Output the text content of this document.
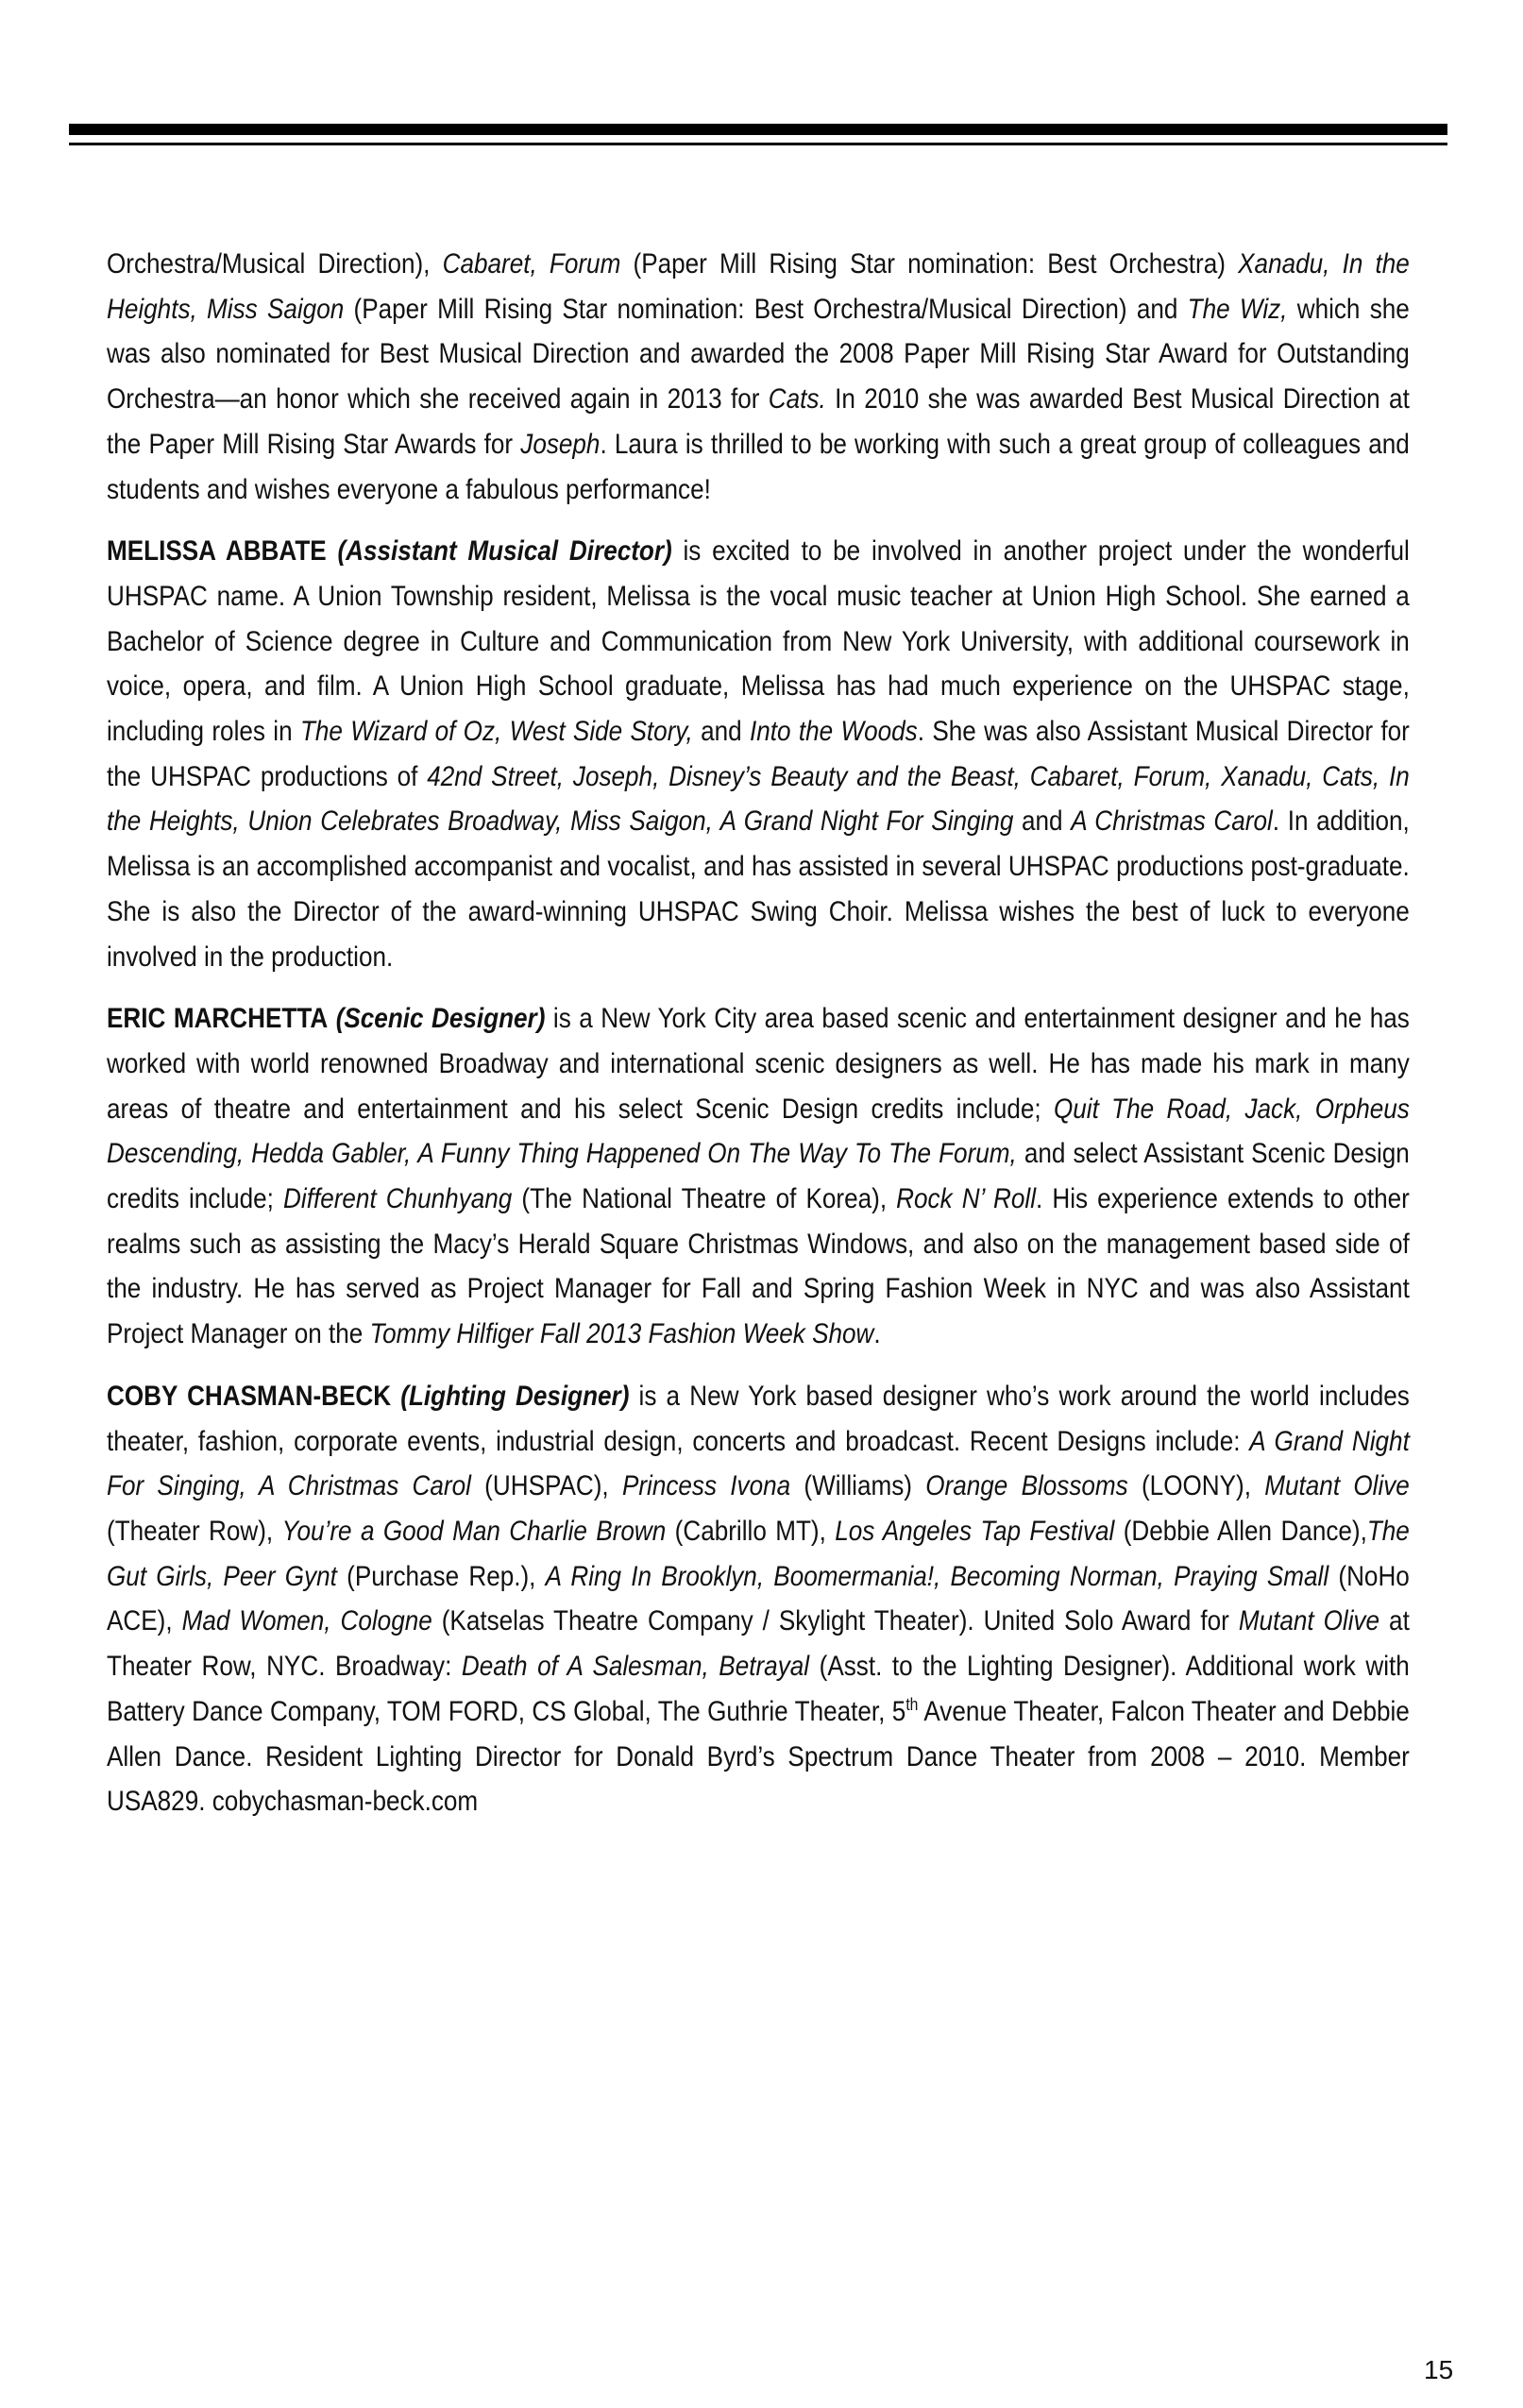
Orchestra/Musical Direction), Cabaret, Forum (Paper Mill Rising Star nomination: Best Orchestra) Xanadu, In the Heights, Miss Saigon (Paper Mill Rising Star nomination: Best Orchestra/Musical Direction) and The Wiz, which she was also nominated for Best Musical Direction and awarded the 2008 Paper Mill Rising Star Award for Outstanding Orchestra—an honor which she received again in 2013 for Cats. In 2010 she was awarded Best Musical Direction at the Paper Mill Rising Star Awards for Joseph. Laura is thrilled to be working with such a great group of colleagues and students and wishes everyone a fabulous performance!

MELISSA ABBATE (Assistant Musical Director) is excited to be involved in another project under the wonderful UHSPAC name. A Union Township resident, Melissa is the vocal music teacher at Union High School. She earned a Bachelor of Science degree in Culture and Communication from New York University, with additional coursework in voice, opera, and film. A Union High School graduate, Melissa has had much experience on the UHSPAC stage, including roles in The Wizard of Oz, West Side Story, and Into the Woods. She was also Assistant Musical Director for the UHSPAC productions of 42nd Street, Joseph, Disney’s Beauty and the Beast, Cabaret, Forum, Xanadu, Cats, In the Heights, Union Celebrates Broadway, Miss Saigon, A Grand Night For Singing and A Christmas Carol. In addition, Melissa is an accomplished accompanist and vocalist, and has assisted in several UHSPAC productions post-graduate. She is also the Director of the award-winning UHSPAC Swing Choir. Melissa wishes the best of luck to everyone involved in the production.

ERIC MARCHETTA (Scenic Designer) is a New York City area based scenic and entertainment designer and he has worked with world renowned Broadway and international scenic designers as well. He has made his mark in many areas of theatre and entertainment and his select Scenic Design credits include; Quit The Road, Jack, Orpheus Descending, Hedda Gabler, A Funny Thing Happened On The Way To The Forum, and select Assistant Scenic Design credits include; Different Chunhyang (The National Theatre of Korea), Rock N’ Roll. His experience extends to other realms such as assisting the Macy’s Herald Square Christmas Windows, and also on the management based side of the industry. He has served as Project Manager for Fall and Spring Fashion Week in NYC and was also Assistant Project Manager on the Tommy Hilfiger Fall 2013 Fashion Week Show.

COBY CHASMAN-BECK (Lighting Designer) is a New York based designer who’s work around the world includes theater, fashion, corporate events, industrial design, concerts and broadcast. Recent Designs include: A Grand Night For Singing, A Christmas Carol (UHSPAC), Princess Ivona (Williams) Orange Blossoms (LOONY), Mutant Olive (Theater Row), You’re a Good Man Charlie Brown (Cabrillo MT), Los Angeles Tap Festival (Debbie Allen Dance),The Gut Girls, Peer Gynt (Purchase Rep.), A Ring In Brooklyn, Boomermania!, Becoming Norman, Praying Small (NoHo ACE), Mad Women, Cologne (Katselas Theatre Company / Skylight Theater). United Solo Award for Mutant Olive at Theater Row, NYC. Broadway: Death of A Salesman, Betrayal (Asst. to the Lighting Designer). Additional work with Battery Dance Company, TOM FORD, CS Global, The Guthrie Theater, 5th Avenue Theater, Falcon Theater and Debbie Allen Dance. Resident Lighting Director for Donald Byrd’s Spectrum Dance Theater from 2008 – 2010. Member USA829. cobychasman-beck.com

15
